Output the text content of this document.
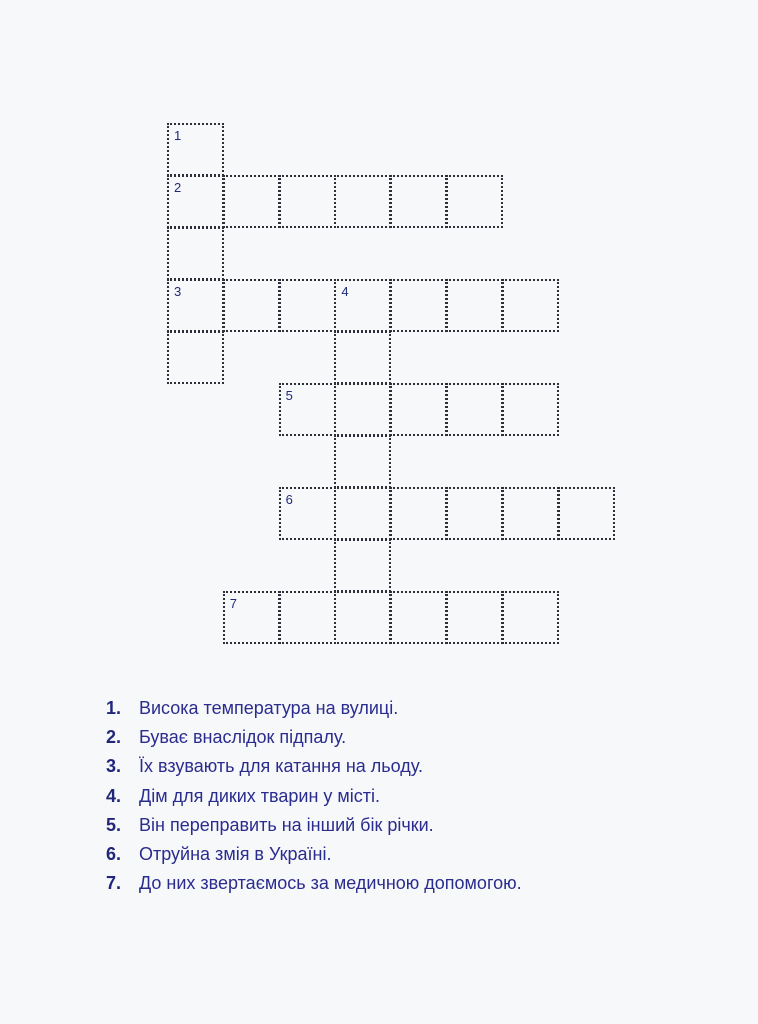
1
2
3	4
5
6
7
1. Висока температура на вулиці.
2. Буває внаслідок підпалу.
3. Їх взувають для катання на льоду.
4. Дім для диких тварин у місті.
5. Він переправить на інший бік річки.
6. Отруйна змія в Україні.
7. До них звертаємось за медичною допомогою.
